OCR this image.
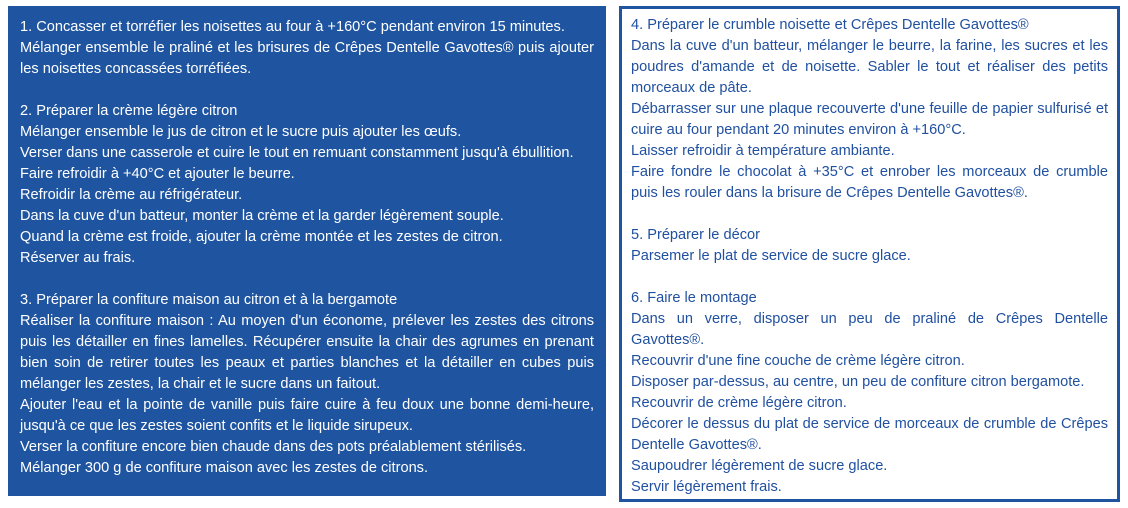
1. Concasser et torréfier les noisettes au four à +160°C pendant environ 15 minutes.

Mélanger ensemble le praliné et les brisures de Crêpes Dentelle Gavottes® puis ajouter les noisettes concassées torréfiées.

2. Préparer la crème légère citron

Mélanger ensemble le jus de citron et le sucre puis ajouter les œufs.

Verser dans une casserole et cuire le tout en remuant constamment jusqu'à ébullition.

Faire refroidir à +40°C et ajouter le beurre.

Refroidir la crème au réfrigérateur.

Dans la cuve d'un batteur, monter la crème et la garder légèrement souple.

Quand la crème est froide, ajouter la crème montée et les zestes de citron.

Réserver au frais.

3. Préparer la confiture maison au citron et à la bergamote

Réaliser la confiture maison : Au moyen d'un économe, prélever les zestes des citrons puis les détailler en fines lamelles. Récupérer ensuite la chair des agrumes en prenant bien soin de retirer toutes les peaux et parties blanches et la détailler en cubes puis mélanger les zestes, la chair et le sucre dans un faitout.

Ajouter l'eau et la pointe de vanille puis faire cuire à feu doux une bonne demi-heure, jusqu'à ce que les zestes soient confits et le liquide sirupeux.

Verser la confiture encore bien chaude dans des pots préalablement stérilisés.

Mélanger 300 g de confiture maison avec les zestes de citrons.

4. Préparer le crumble noisette et Crêpes Dentelle Gavottes®

Dans la cuve d'un batteur, mélanger le beurre, la farine, les sucres et les poudres d'amande et de noisette. Sabler le tout et réaliser des petits morceaux de pâte.

Débarrasser sur une plaque recouverte d'une feuille de papier sulfurisé et cuire au four pendant 20 minutes environ à +160°C.

Laisser refroidir à température ambiante.

Faire fondre le chocolat à +35°C et enrober les morceaux de crumble puis les rouler dans la brisure de Crêpes Dentelle Gavottes®.

5. Préparer le décor

Parsemer le plat de service de sucre glace.

6. Faire le montage

Dans un verre, disposer un peu de praliné de Crêpes Dentelle Gavottes®.

Recouvrir d'une fine couche de crème légère citron.

Disposer par-dessus, au centre, un peu de confiture citron bergamote.

Recouvrir de crème légère citron.

Décorer le dessus du plat de service de morceaux de crumble de Crêpes Dentelle Gavottes®.

Saupoudrer légèrement de sucre glace.

Servir légèrement frais.
